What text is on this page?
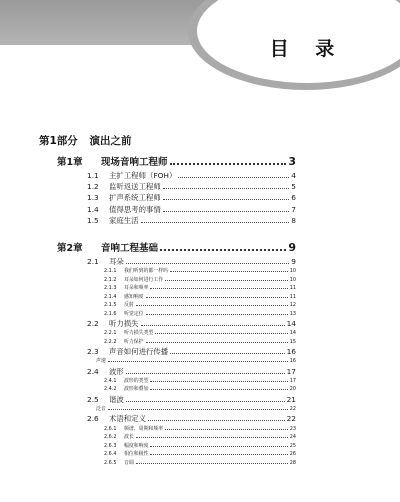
目 录
第1部分 演出之前
第1章	现场音响工程师	3
1.1	主扩工程师（FOH）	4
1.2	监听返送工程师	5
1.3	扩声系统工程师	6
1.4	值得思考的事情	7
1.5	家庭生活	8
第2章	音响工程基础	9
2.1	耳朵	9
2.1.1	我们听到的都一样吗	10
2.1.2	耳朵如何进行工作	10
2.1.3	耳朵和频率	11
2.1.4	感知响度	11
2.1.5	反射	12
2.1.6	听觉定位	13
2.2	听力损失	14
2.2.1	听力损失类型	14
2.2.2	听力保护	15
2.3	声音如何进行传播	16
声速	16
2.4	波形	17
2.4.1	波形的类型	17
2.4.2	波形和叠加	20
2.5	谐波	21
泛音	22
2.6	术语和定义	22
2.6.1	频谱、周期和频率	23
2.6.2	波长	24
2.6.3	幅度和响度	25
2.6.4	相位和极性	26
2.6.5	音调	28
